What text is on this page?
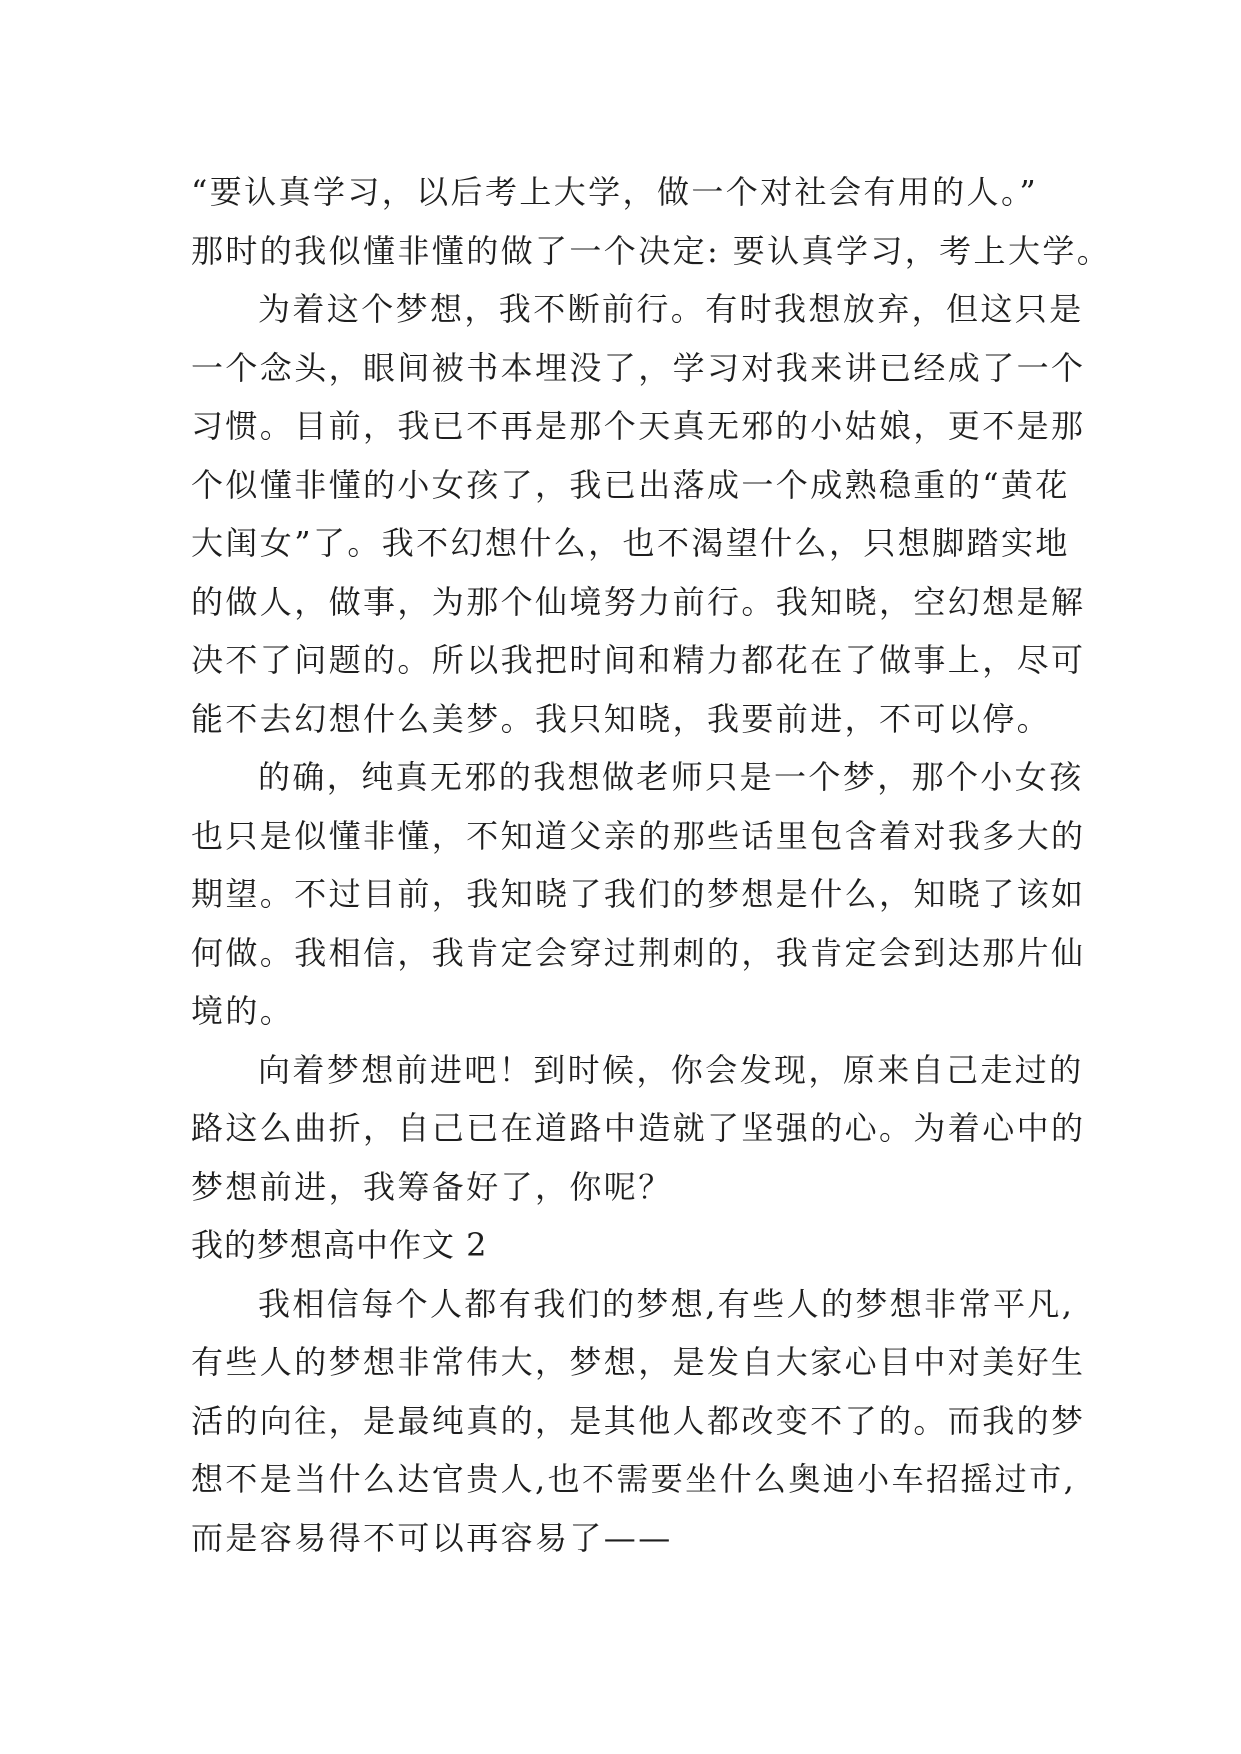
“要认真学习，以后考上大学，做一个对社会有用的人。”
那时的我似懂非懂的做了一个决定: 要认真学习，考上大学。
为着这个梦想，我不断前行。有时我想放弃，但这只是
一个念头，眼间被书本埋没了，学习对我来讲已经成了一个
习惯。目前，我已不再是那个天真无邪的小姑娘，更不是那
个似懂非懂的小女孩了，我已出落成一个成熟稳重的“黄花
大闺女”了。我不幻想什么，也不渴望什么，只想脚踏实地
的做人，做事，为那个仙境努力前行。我知晓，空幻想是解
决不了问题的。所以我把时间和精力都花在了做事上，尽可
能不去幻想什么美梦。我只知晓，我要前进，不可以停。
的确，纯真无邪的我想做老师只是一个梦，那个小女孩
也只是似懂非懂，不知道父亲的那些话里包含着对我多大的
期望。不过目前，我知晓了我们的梦想是什么，知晓了该如
何做。我相信，我肯定会穿过荆刺的，我肯定会到达那片仙
境的。
向着梦想前进吧！到时候，你会发现，原来自己走过的
路这么曲折，自己已在道路中造就了坚强的心。为着心中的
梦想前进，我筹备好了，你呢？
我的梦想高中作文 2
我相信每个人都有我们的梦想,有些人的梦想非常平凡,
有些人的梦想非常伟大，梦想，是发自大家心目中对美好生
活的向往，是最纯真的，是其他人都改变不了的。而我的梦
想不是当什么达官贵人,也不需要坐什么奥迪小车招摇过市,
而是容易得不可以再容易了——
